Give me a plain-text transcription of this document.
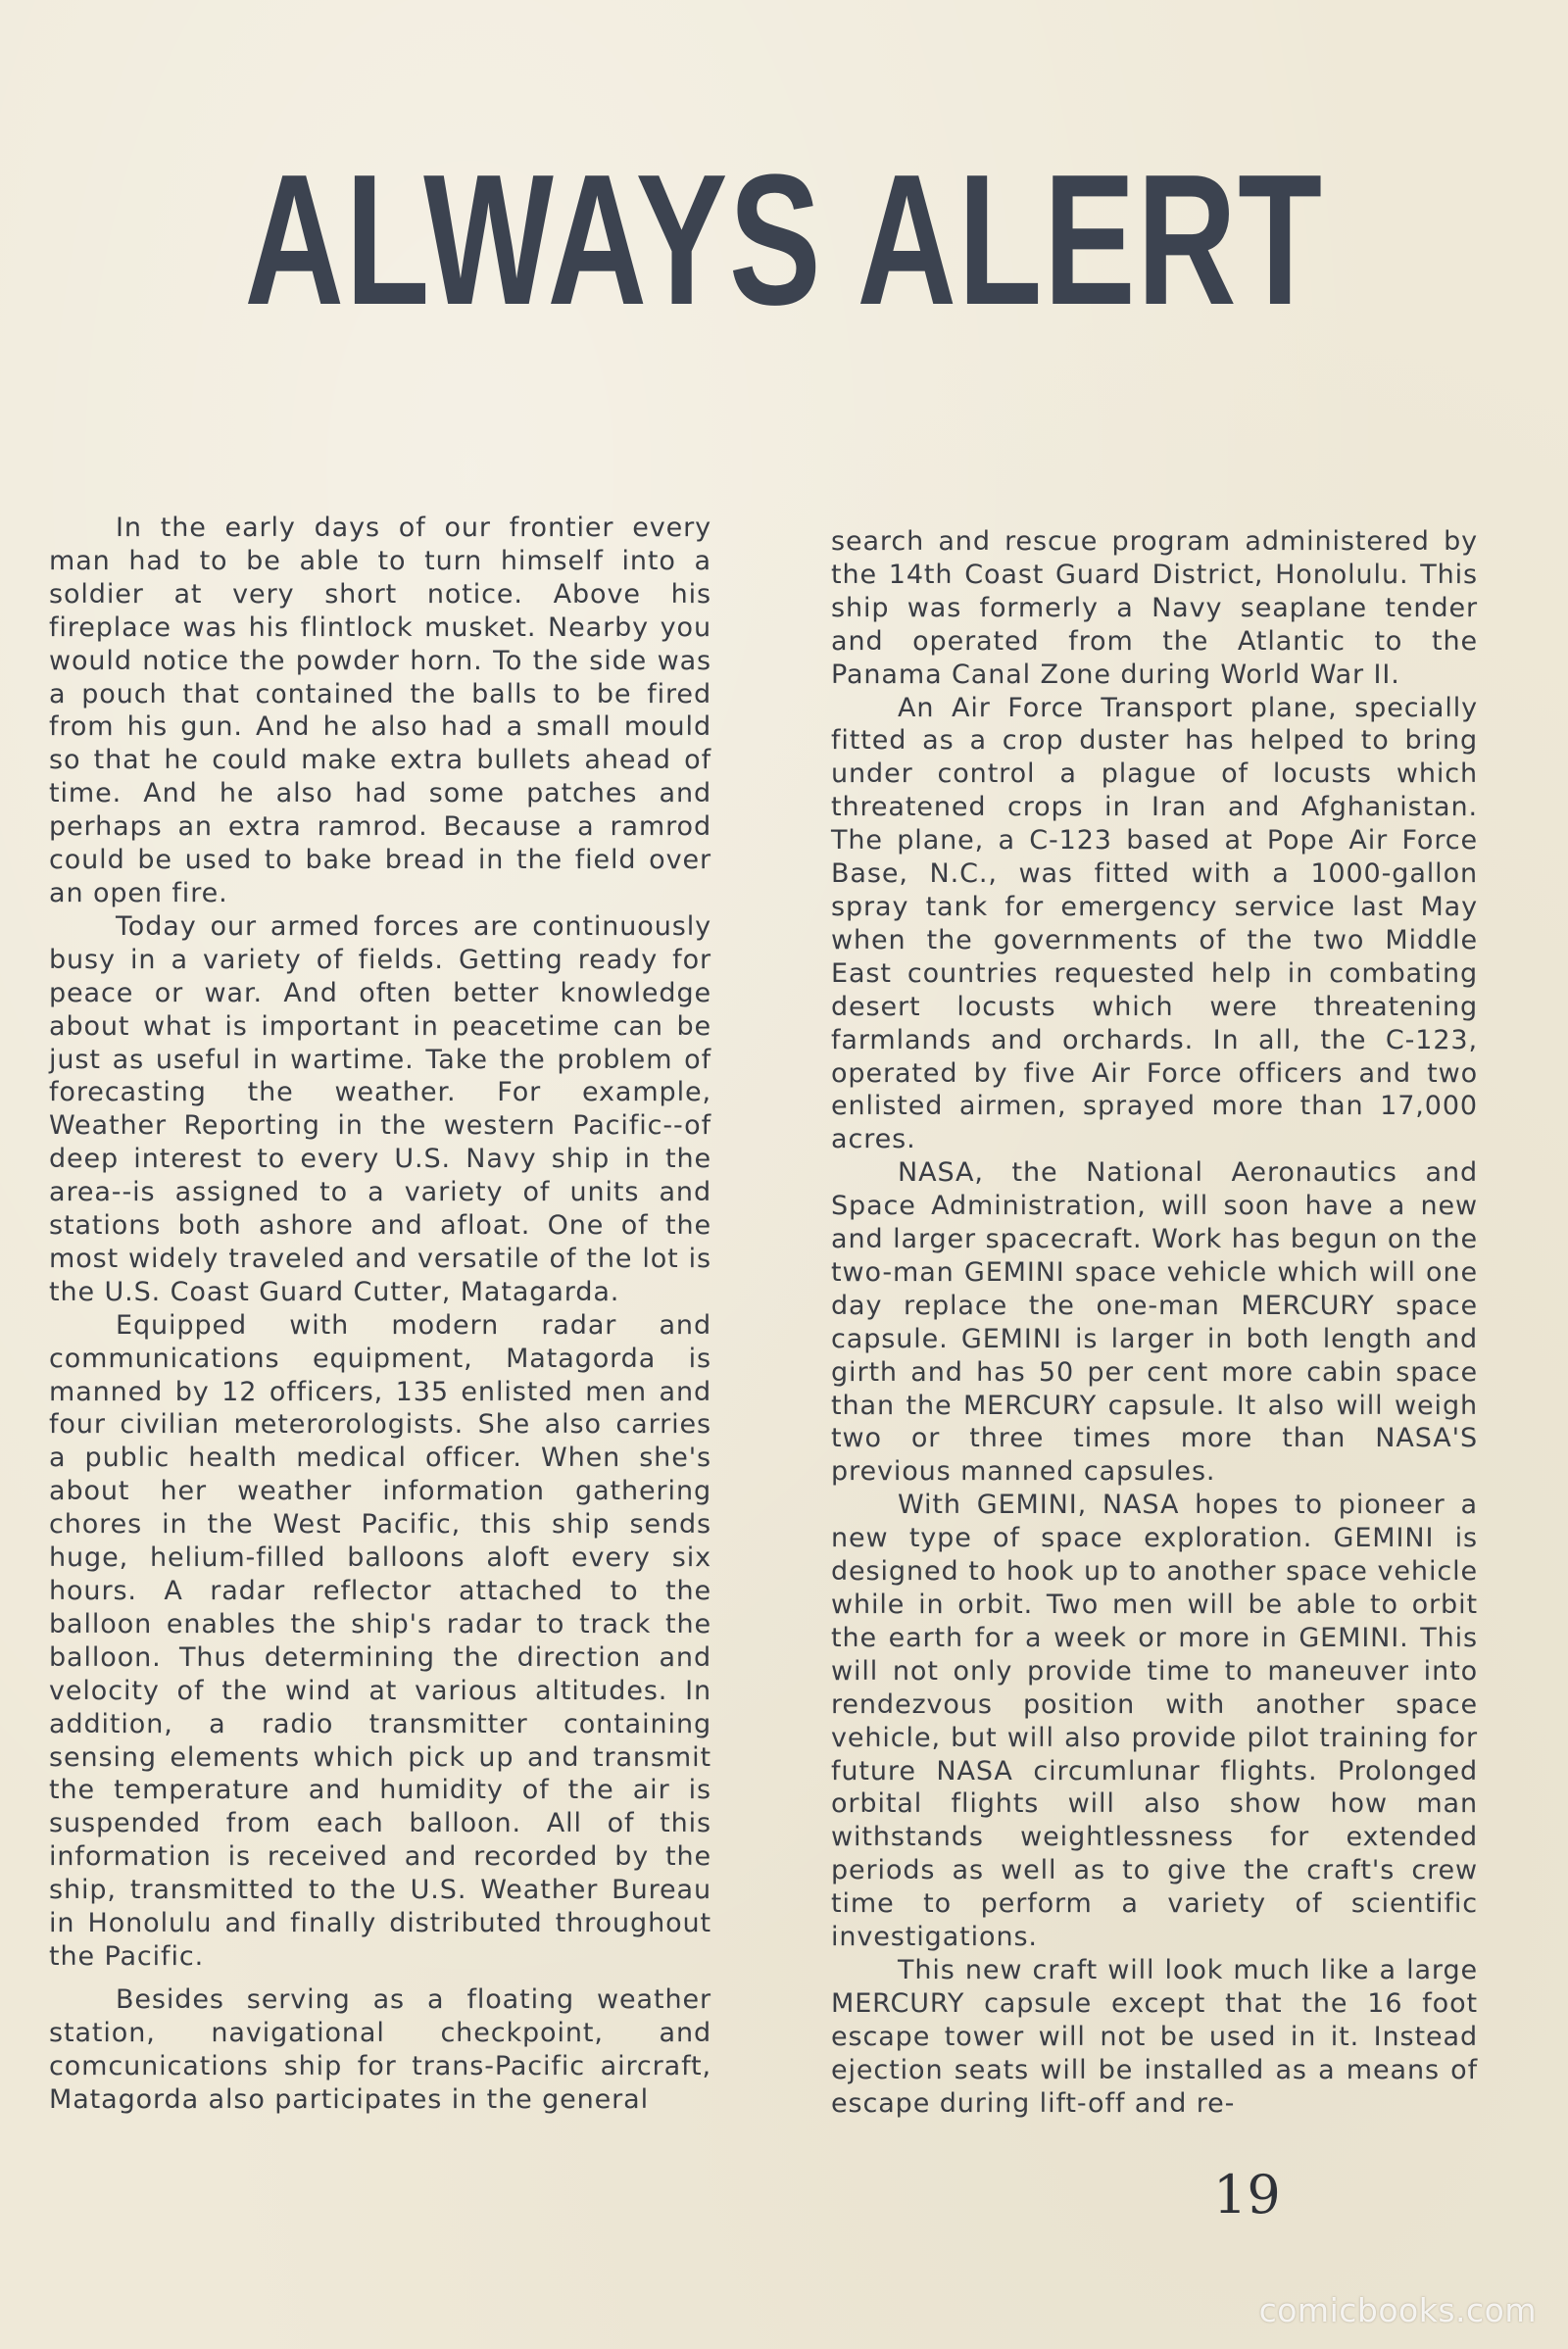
ALWAYS ALERT

In the early days of our frontier every man had to be able to turn himself into a soldier at very short notice. Above his fireplace was his flintlock musket. Nearby you would notice the powder horn. To the side was a pouch that contained the balls to be fired from his gun. And he also had a small mould so that he could make extra bullets ahead of time. And he also had some patches and perhaps an extra ramrod. Because a ramrod could be used to bake bread in the field over an open fire.

Today our armed forces are continuously busy in a variety of fields. Getting ready for peace or war. And often better knowledge about what is important in peacetime can be just as useful in wartime. Take the problem of forecasting the weather. For example, Weather Reporting in the western Pacific--of deep interest to every U.S. Navy ship in the area--is assigned to a variety of units and stations both ashore and afloat. One of the most widely traveled and versatile of the lot is the U.S. Coast Guard Cutter, Matagarda.

Equipped with modern radar and communications equipment, Matagorda is manned by 12 officers, 135 enlisted men and four civilian meterorologists. She also carries a public health medical officer. When she's about her weather information gathering chores in the West Pacific, this ship sends huge, helium-filled balloons aloft every six hours. A radar reflector attached to the balloon enables the ship's radar to track the balloon. Thus determining the direction and velocity of the wind at various altitudes. In addition, a radio transmitter containing sensing elements which pick up and transmit the temperature and humidity of the air is suspended from each balloon. All of this information is received and recorded by the ship, transmitted to the U.S. Weather Bureau in Honolulu and finally distributed throughout the Pacific.

Besides serving as a floating weather station, navigational checkpoint, and comcunications ship for trans-Pacific aircraft, Matagorda also participates in the general

search and rescue program administered by the 14th Coast Guard District, Honolulu. This ship was formerly a Navy seaplane tender and operated from the Atlantic to the Panama Canal Zone during World War II.

An Air Force Transport plane, specially fitted as a crop duster has helped to bring under control a plague of locusts which threatened crops in Iran and Afghanistan. The plane, a C-123 based at Pope Air Force Base, N.C., was fitted with a 1000-gallon spray tank for emergency service last May when the governments of the two Middle East countries requested help in combating desert locusts which were threatening farmlands and orchards. In all, the C-123, operated by five Air Force officers and two enlisted airmen, sprayed more than 17,000 acres.

NASA, the National Aeronautics and Space Administration, will soon have a new and larger spacecraft. Work has begun on the two-man GEMINI space vehicle which will one day replace the one-man MERCURY space capsule. GEMINI is larger in both length and girth and has 50 per cent more cabin space than the MERCURY capsule. It also will weigh two or three times more than NASA'S previous manned capsules.

With GEMINI, NASA hopes to pioneer a new type of space exploration. GEMINI is designed to hook up to another space vehicle while in orbit. Two men will be able to orbit the earth for a week or more in GEMINI. This will not only provide time to maneuver into rendezvous position with another space vehicle, but will also provide pilot training for future NASA circumlunar flights. Prolonged orbital flights will also show how man withstands weightlessness for extended periods as well as to give the craft's crew time to perform a variety of scientific investigations.

This new craft will look much like a large MERCURY capsule except that the 16 foot escape tower will not be used in it. Instead ejection seats will be installed as a means of escape during lift-off and re-

19
comicbooks.com
